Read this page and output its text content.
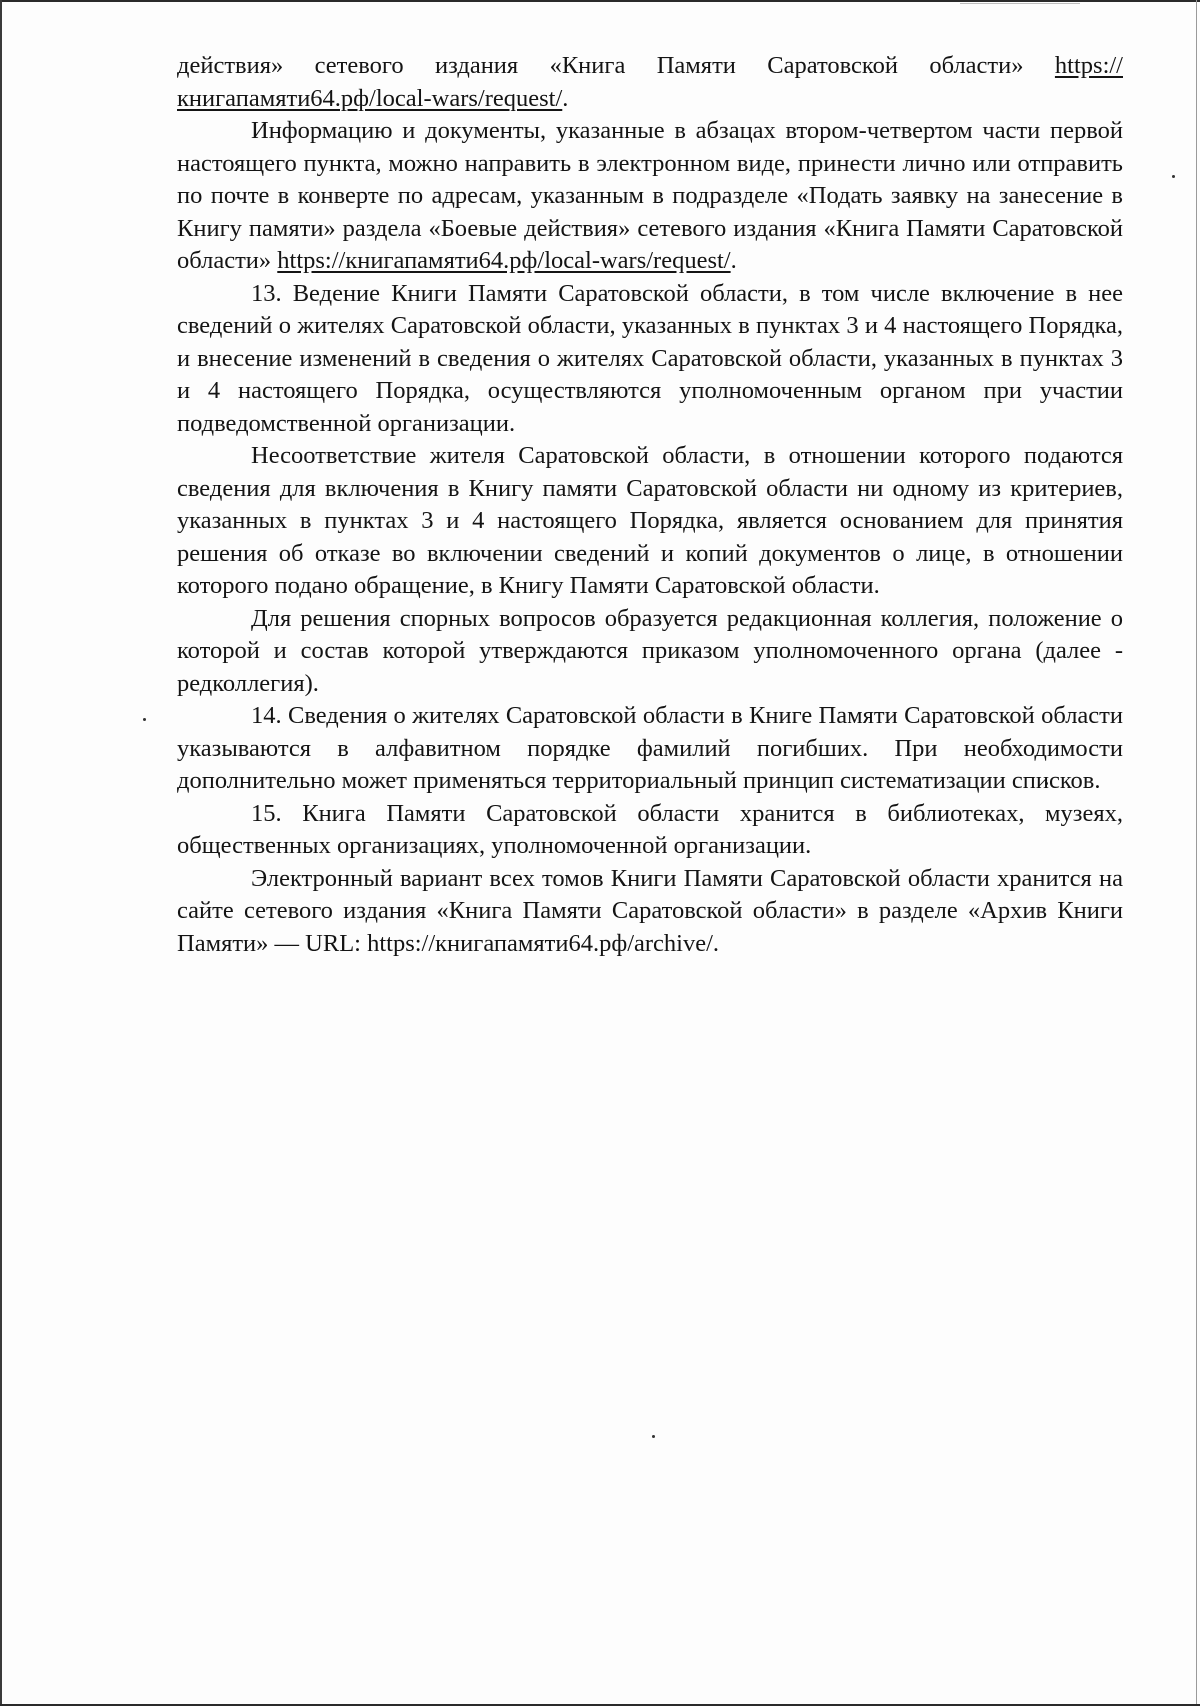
действия» сетевого издания «Книга Памяти Саратовской области» https://книгапамяти64.рф/local-wars/request/.

Информацию и документы, указанные в абзацах втором-четвертом части первой настоящего пункта, можно направить в электронном виде, принести лично или отправить по почте в конверте по адресам, указанным в подразделе «Подать заявку на занесение в Книгу памяти» раздела «Боевые действия» сетевого издания «Книга Памяти Саратовской области» https://книгапамяти64.рф/local-wars/request/.

13. Ведение Книги Памяти Саратовской области, в том числе включение в нее сведений о жителях Саратовской области, указанных в пунктах 3 и 4 настоящего Порядка, и внесение изменений в сведения о жителях Саратовской области, указанных в пунктах 3 и 4 настоящего Порядка, осуществляются уполномоченным органом при участии подведомственной организации.

Несоответствие жителя Саратовской области, в отношении которого подаются сведения для включения в Книгу памяти Саратовской области ни одному из критериев, указанных в пунктах 3 и 4 настоящего Порядка, является основанием для принятия решения об отказе во включении сведений и копий документов о лице, в отношении которого подано обращение, в Книгу Памяти Саратовской области.

Для решения спорных вопросов образуется редакционная коллегия, положение о которой и состав которой утверждаются приказом уполномоченного органа (далее - редколлегия).

14. Сведения о жителях Саратовской области в Книге Памяти Саратовской области указываются в алфавитном порядке фамилий погибших. При необходимости дополнительно может применяться территориальный принцип систематизации списков.

15. Книга Памяти Саратовской области хранится в библиотеках, музеях, общественных организациях, уполномоченной организации.

Электронный вариант всех томов Книги Памяти Саратовской области хранится на сайте сетевого издания «Книга Памяти Саратовской области» в разделе «Архив Книги Памяти» — URL: https://книгапамяти64.рф/archive/.
